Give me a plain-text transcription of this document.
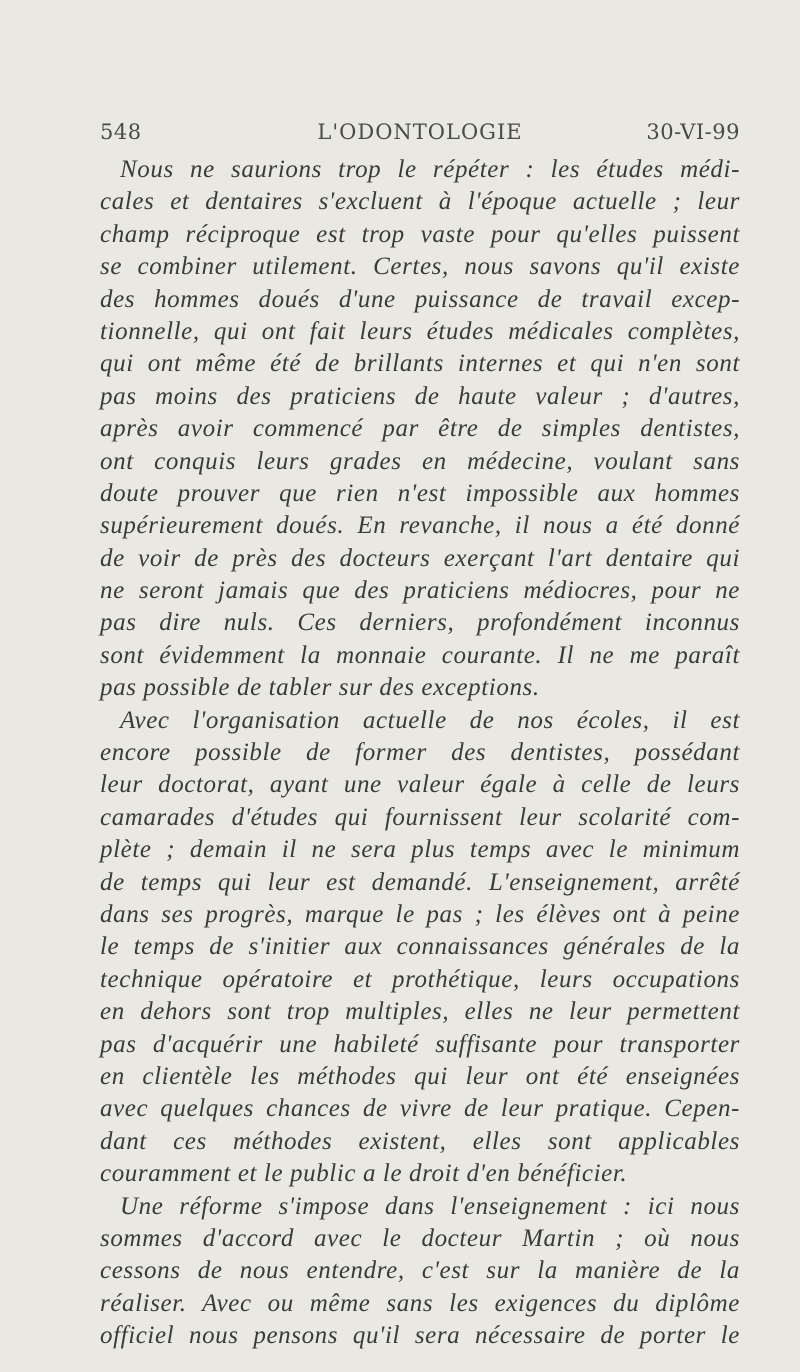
548	L'ODONTOLOGIE	30-VI-99
Nous ne saurions trop le répéter : les études médi-
cales et dentaires s'excluent à l'époque actuelle ; leur
champ réciproque est trop vaste pour qu'elles puissent
se combiner utilement. Certes, nous savons qu'il existe
des hommes doués d'une puissance de travail excep-
tionnelle, qui ont fait leurs études médicales complètes,
qui ont même été de brillants internes et qui n'en sont
pas moins des praticiens de haute valeur ; d'autres,
après avoir commencé par être de simples dentistes,
ont conquis leurs grades en médecine, voulant sans
doute prouver que rien n'est impossible aux hommes
supérieurement doués. En revanche, il nous a été donné
de voir de près des docteurs exerçant l'art dentaire qui
ne seront jamais que des praticiens médiocres, pour ne
pas dire nuls. Ces derniers, profondément inconnus
sont évidemment la monnaie courante. Il ne me paraît
pas possible de tabler sur des exceptions.
Avec l'organisation actuelle de nos écoles, il est
encore possible de former des dentistes, possédant
leur doctorat, ayant une valeur égale à celle de leurs
camarades d'études qui fournissent leur scolarité com-
plète ; demain il ne sera plus temps avec le minimum
de temps qui leur est demandé. L'enseignement, arrêté
dans ses progrès, marque le pas ; les élèves ont à peine
le temps de s'initier aux connaissances générales de la
technique opératoire et prothétique, leurs occupations
en dehors sont trop multiples, elles ne leur permettent
pas d'acquérir une habileté suffisante pour transporter
en clientèle les méthodes qui leur ont été enseignées
avec quelques chances de vivre de leur pratique. Cepen-
dant ces méthodes existent, elles sont applicables
couramment et le public a le droit d'en bénéficier.
Une réforme s'impose dans l'enseignement : ici nous
sommes d'accord avec le docteur Martin ; où nous
cessons de nous entendre, c'est sur la manière de la
réaliser. Avec ou même sans les exigences du diplôme
officiel nous pensons qu'il sera nécessaire de porter le
